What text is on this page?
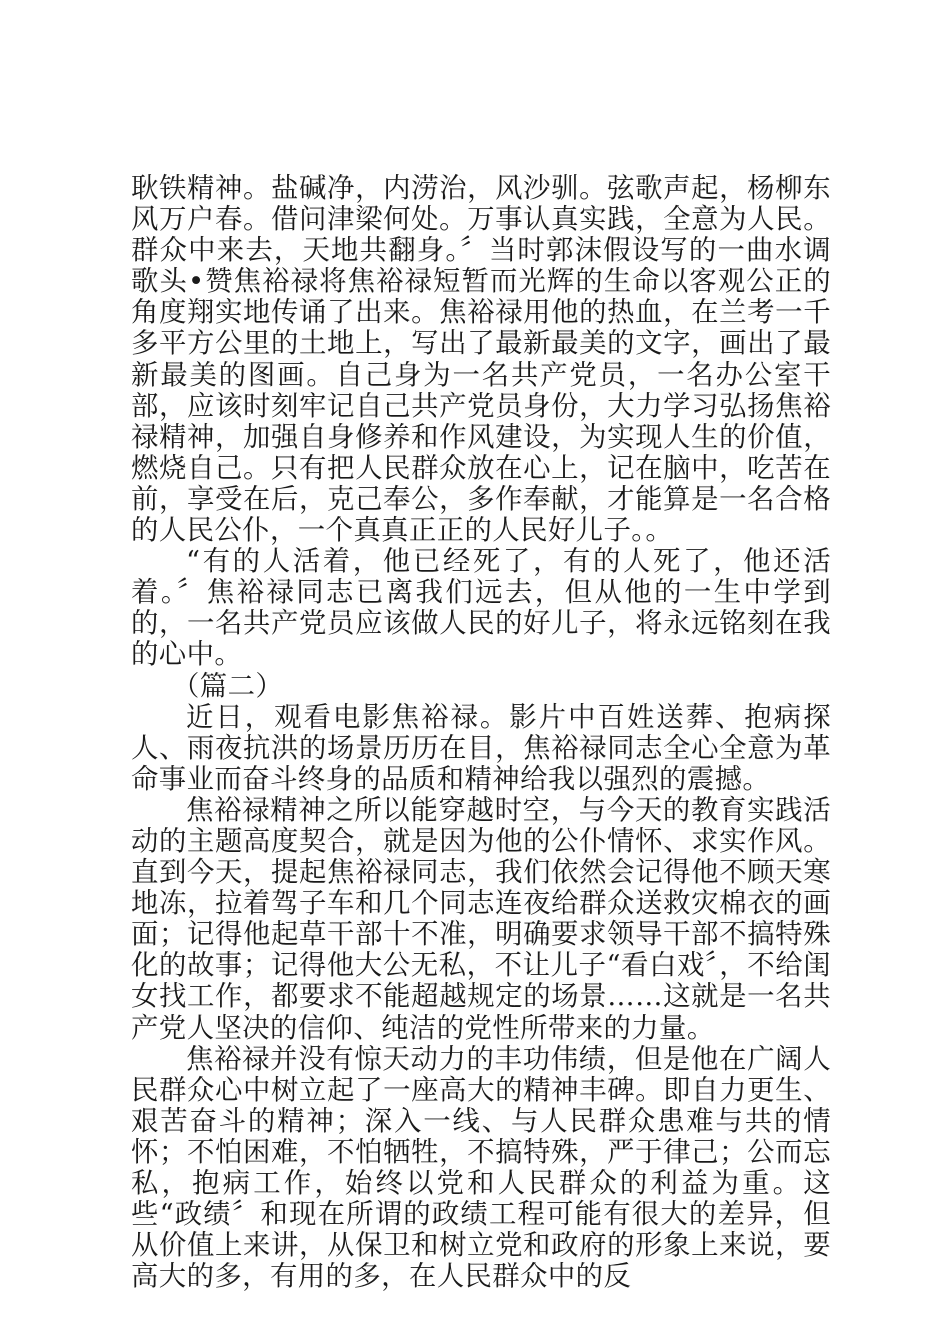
耿铁精神。盐碱净，内涝治，风沙驯。弦歌声起，杨柳东风万户春。借问津梁何处。万事认真实践，全意为人民。群众中来去，天地共翻身。〞当时郭沫假设写的一曲水调歌头•赞焦裕禄将焦裕禄短暂而光辉的生命以客观公正的角度翔实地传诵了出来。焦裕禄用他的热血，在兰考一千多平方公里的土地上，写出了最新最美的文字，画出了最新最美的图画。自己身为一名共产党员，一名办公室干部，应该时刻牢记自己共产党员身份，大力学习弘扬焦裕禄精神，加强自身修养和作风建设，为实现人生的价值，燃烧自己。只有把人民群众放在心上，记在脑中，吃苦在前，享受在后，克己奉公，多作奉献，才能算是一名合格的人民公仆，一个真真正正的人民好儿子。。

“有的人活着，他已经死了，有的人死了，他还活着。〞焦裕禄同志已离我们远去，但从他的一生中学到的，一名共产党员应该做人民的好儿子，将永远铭刻在我的心中。

（篇二）

近日，观看电影焦裕禄。影片中百姓送葬、抱病探人、雨夜抗洪的场景历历在目，焦裕禄同志全心全意为革命事业而奋斗终身的品质和精神给我以强烈的震撼。

焦裕禄精神之所以能穿越时空，与今天的教育实践活动的主题高度契合，就是因为他的公仆情怀、求实作风。直到今天，提起焦裕禄同志，我们依然会记得他不顾天寒地冻，拉着驾子车和几个同志连夜给群众送救灾棉衣的画面；记得他起草干部十不准，明确要求领导干部不搞特殊化的故事；记得他大公无私，不让儿子“看白戏〞，不给闺女找工作，都要求不能超越规定的场景……这就是一名共产党人坚决的信仰、纯洁的党性所带来的力量。

焦裕禄并没有惊天动力的丰功伟绩，但是他在广阔人民群众心中树立起了一座高大的精神丰碑。即自力更生、艰苦奋斗的精神；深入一线、与人民群众患难与共的情怀；不怕困难，不怕牺牲，不搞特殊，严于律己；公而忘私，抱病工作，始终以党和人民群众的利益为重。这些“政绩〞和现在所谓的政绩工程可能有很大的差异，但从价值上来讲，从保卫和树立党和政府的形象上来说，要高大的多，有用的多，在人民群众中的反
